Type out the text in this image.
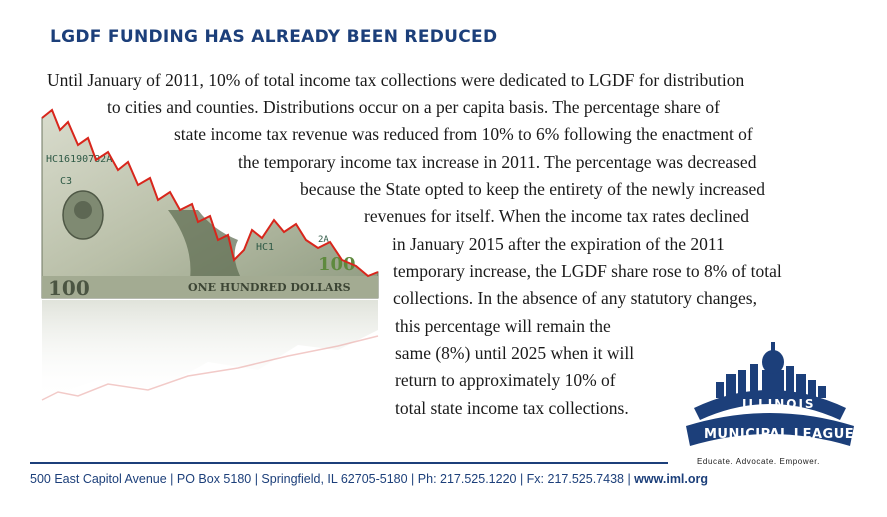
LGDF FUNDING HAS ALREADY BEEN REDUCED
ONE HUNDRED DOLLARS
100
100
HC16190782A
C3
HC1
2A
Until January of 2011, 10% of total income tax collections were dedicated to LGDF for distribution
to cities and counties. Distributions occur on a per capita basis. The percentage share of
state income tax revenue was reduced from 10% to 6% following the enactment of
the temporary income tax increase in 2011. The percentage was decreased
because the State opted to keep the entirety of the newly increased
revenues for itself. When the income tax rates declined
in January 2015 after the expiration of the 2011
temporary increase, the LGDF share rose to 8% of total
collections. In the absence of any statutory changes,
this percentage will remain the
same (8%) until 2025 when it will
return to approximately 10% of
total state income tax collections.	ILLINOIS
MUNICIPAL LEAGUE
Educate. Advocate. Empower.
500 East Capitol Avenue | PO Box 5180 | Springfield, IL 62705-5180 | Ph: 217.525.1220 | Fx: 217.525.7438 | www.iml.org
